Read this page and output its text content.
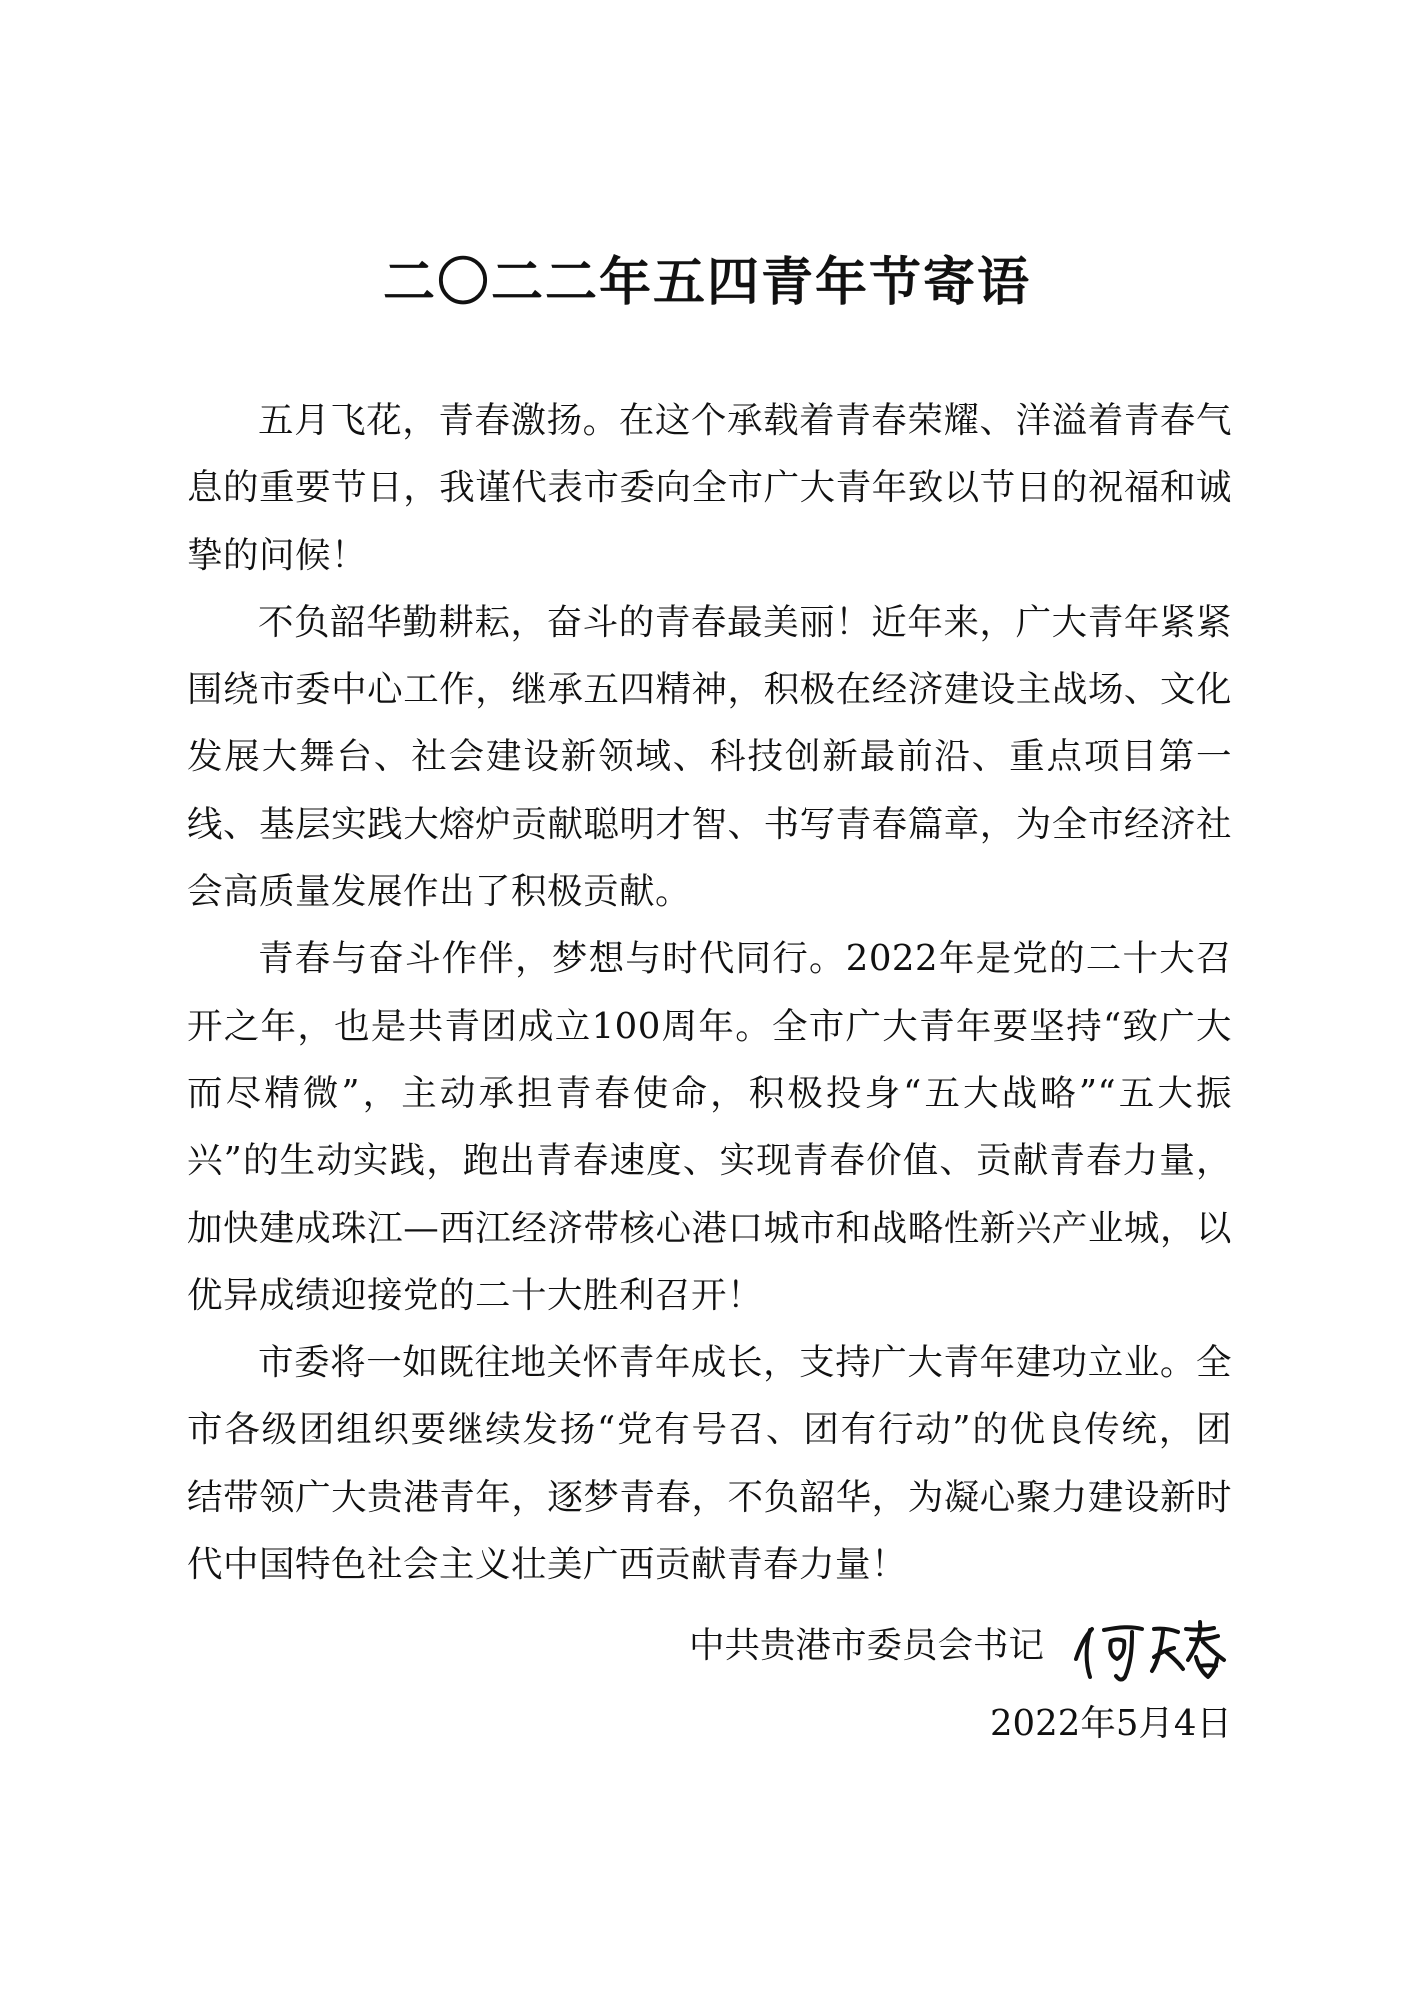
二〇二二年五四青年节寄语

五月飞花，青春激扬。在这个承载着青春荣耀、洋溢着青春气息的重要节日，我谨代表市委向全市广大青年致以节日的祝福和诚挚的问候！

不负韶华勤耕耘，奋斗的青春最美丽！近年来，广大青年紧紧围绕市委中心工作，继承五四精神，积极在经济建设主战场、文化发展大舞台、社会建设新领域、科技创新最前沿、重点项目第一线、基层实践大熔炉贡献聪明才智、书写青春篇章，为全市经济社会高质量发展作出了积极贡献。

青春与奋斗作伴，梦想与时代同行。2022年是党的二十大召开之年，也是共青团成立100周年。全市广大青年要坚持“致广大而尽精微”，主动承担青春使命，积极投身“五大战略”“五大振兴”的生动实践，跑出青春速度、实现青春价值、贡献青春力量，加快建成珠江—西江经济带核心港口城市和战略性新兴产业城，以优异成绩迎接党的二十大胜利召开！

市委将一如既往地关怀青年成长，支持广大青年建功立业。全市各级团组织要继续发扬“党有号召、团有行动”的优良传统，团结带领广大贵港青年，逐梦青春，不负韶华，为凝心聚力建设新时代中国特色社会主义壮美广西贡献青春力量！

中共贵港市委员会书记
2022年5月4日
